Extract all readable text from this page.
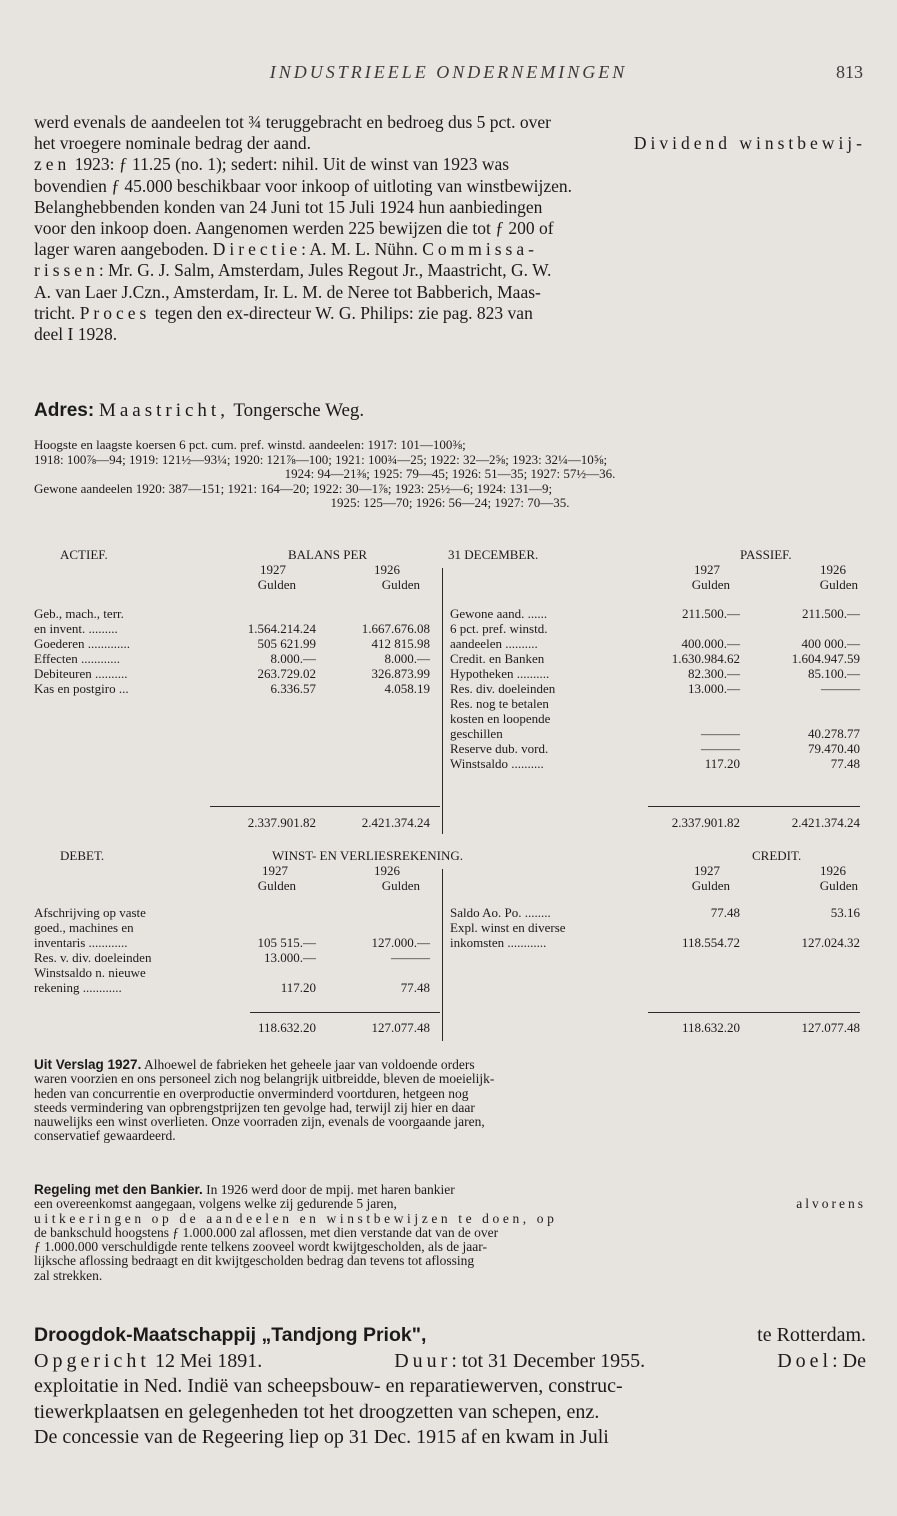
INDUSTRIEELE ONDERNEMINGEN	813
werd evenals de aandeelen tot ¾ teruggebracht en bedroeg dus 5 pct. over
het vroegere nominale bedrag der aand.	Dividend winstbewij-
zen 1923: ƒ 11.25 (no. 1); sedert: nihil. Uit de winst van 1923 was
bovendien ƒ 45.000 beschikbaar voor inkoop of uitloting van winstbewijzen.
Belanghebbenden konden van 24 Juni tot 15 Juli 1924 hun aanbiedingen
voor den inkoop doen. Aangenomen werden 225 bewijzen die tot ƒ 200 of
lager waren aangeboden. Directie: A. M. L. Nühn. Commissa-
rissen: Mr. G. J. Salm, Amsterdam, Jules Regout Jr., Maastricht, G. W.
A. van Laer J.Czn., Amsterdam, Ir. L. M. de Neree tot Babberich, Maas-
tricht. Proces tegen den ex-directeur W. G. Philips: zie pag. 823 van
deel I 1928.
Adres: Maastricht, Tongersche Weg.
Hoogste en laagste koersen 6 pct. cum. pref. winstd. aandeelen: 1917: 101—100⅜;
1918: 100⅞—94; 1919: 121½—93¼; 1920: 121⅞—100; 1921: 100¾—25; 1922: 32—2⅝; 1923: 32¼—10⅝;
1924: 94—21⅜; 1925: 79—45; 1926: 51—35; 1927: 57½—36.
Gewone aandeelen 1920: 387—151; 1921: 164—20; 1922: 30—1⅞; 1923: 25½—6; 1924: 131—9;
1925: 125—70; 1926: 56—24; 1927: 70—35.
ACTIEF.	BALANS PER	31 DECEMBER.	PASSIEF.
1927	1926	1927	1926
Gulden	Gulden	Gulden	Gulden
Geb., mach., terr.
en invent. .........	1.564.214.24	1.667.676.08
Goederen .............	505 621.99	412 815.98
Effecten ............	8.000.—	8.000.—
Debiteuren ..........	263.729.02	326.873.99
Kas en postgiro ...	6.336.57	4.058.19
Gewone aand. ......	211.500.—	211.500.—
6 pct. pref. winstd.
aandeelen ..........	400.000.—	400 000.—
Credit. en Banken	1.630.984.62	1.604.947.59
Hypotheken ..........	82.300.—	85.100.—
Res. div. doeleinden	13.000.—	———
Res. nog te betalen
kosten en loopende
geschillen	———	40.278.77
Reserve dub. vord.	———	79.470.40
Winstsaldo ..........	117.20	77.48
2.337.901.82	2.421.374.24	2.337.901.82	2.421.374.24
DEBET.	WINST- EN VERLIESREKENING.	CREDIT.
1927	1926	1927	1926
Gulden	Gulden	Gulden	Gulden
Afschrijving op vaste
goed., machines en
inventaris ............	105 515.—	127.000.—
Res. v. div. doeleinden	13.000.—	———
Winstsaldo n. nieuwe
rekening ............	117.20	77.48
Saldo Ao. Po. ........	77.48	53.16
Expl. winst en diverse
inkomsten ............	118.554.72	127.024.32
118.632.20	127.077.48	118.632.20	127.077.48
Uit Verslag 1927. Alhoewel de fabrieken het geheele jaar van voldoende orders
waren voorzien en ons personeel zich nog belangrijk uitbreidde, bleven de moeielijk-
heden van concurrentie en overproductie onverminderd voortduren, hetgeen nog
steeds vermindering van opbrengstprijzen ten gevolge had, terwijl zij hier en daar
nauwelijks een winst overlieten. Onze voorraden zijn, evenals de voorgaande jaren,
conservatief gewaardeerd.
Regeling met den Bankier. In 1926 werd door de mpij. met haren bankier
een overeenkomst aangegaan, volgens welke zij gedurende 5 jaren,	alvorens
uitkeeringen op de aandeelen en winstbewijzen te doen, op
de bankschuld hoogstens ƒ 1.000.000 zal aflossen, met dien verstande dat van de over
ƒ 1.000.000 verschuldigde rente telkens zooveel wordt kwijtgescholden, als de jaar-
lijksche aflossing bedraagt en dit kwijtgescholden bedrag dan tevens tot aflossing
zal strekken.
Droogdok-Maatschappij „Tandjong Priok",	te Rotterdam.
Opgericht 12 Mei 1891.	Duur: tot 31 December 1955.	Doel: De
exploitatie in Ned. Indië van scheepsbouw- en reparatiewerven, construc-
tiewerkplaatsen en gelegenheden tot het droogzetten van schepen, enz.
De concessie van de Regeering liep op 31 Dec. 1915 af en kwam in Juli
